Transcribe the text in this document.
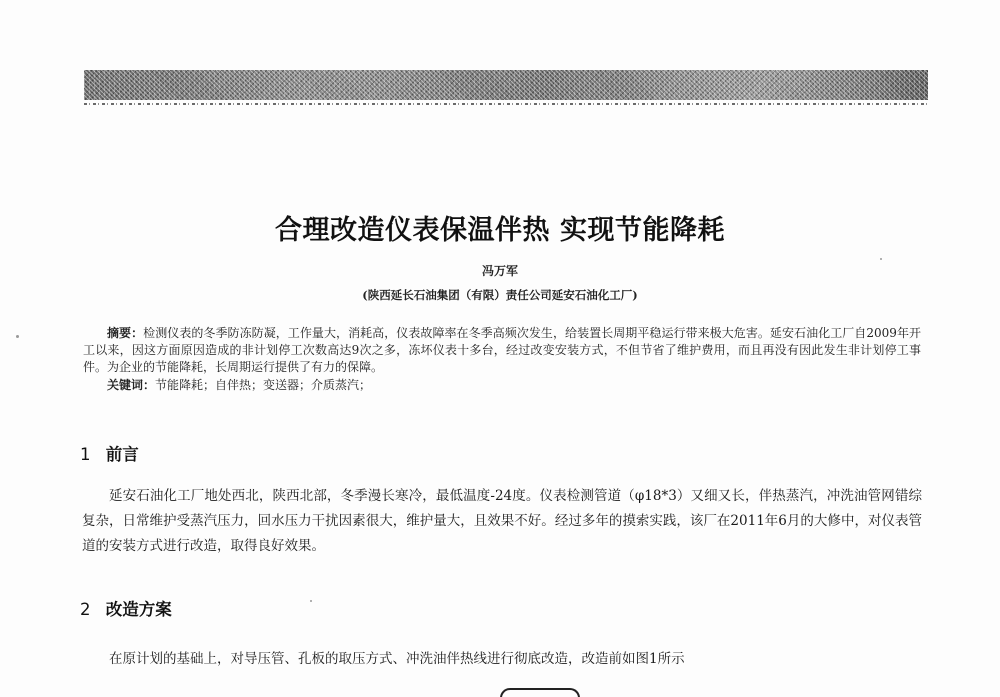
合理改造仪表保温伴热 实现节能降耗
冯万军
(陕西延长石油集团（有限）责任公司延安石油化工厂)

摘要：检测仪表的冬季防冻防凝，工作量大，消耗高，仪表故障率在冬季高频次发生，给装置长周期平稳运行带来极大危害。延安石油化工厂自2009年开工以来，因这方面原因造成的非计划停工次数高达9次之多，冻坏仪表十多台，经过改变安装方式，不但节省了维护费用，而且再没有因此发生非计划停工事件。为企业的节能降耗，长周期运行提供了有力的保障。

关键词：节能降耗；自伴热；变送器；介质蒸汽；
1 前言

延安石油化工厂地处西北，陕西北部，冬季漫长寒冷，最低温度-24度。仪表检测管道（φ18*3）又细又长，伴热蒸汽，冲洗油管网错综复杂，日常维护受蒸汽压力，回水压力干扰因素很大，维护量大，且效果不好。经过多年的摸索实践，该厂在2011年6月的大修中，对仪表管道的安装方式进行改造，取得良好效果。

2 改造方案

在原计划的基础上，对导压管、孔板的取压方式、冲洗油伴热线进行彻底改造，改造前如图1所示
